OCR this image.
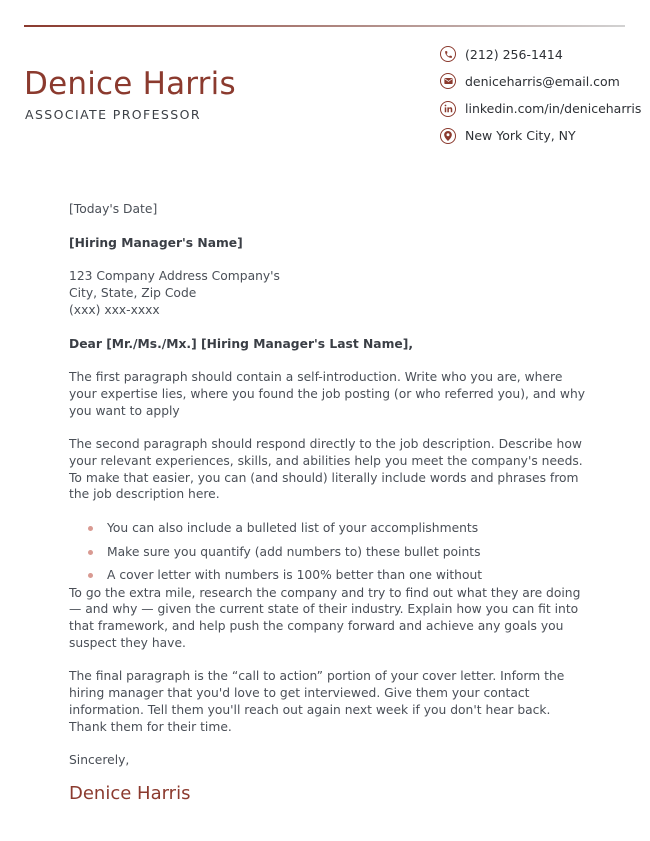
Denice Harris
ASSOCIATE PROFESSOR
(212) 256-1414
deniceharris@email.com
linkedin.com/in/deniceharris
New York City, NY

[Today's Date]

[Hiring Manager's Name]

123 Company Address Company's

City, State, Zip Code

(xxx) xxx-xxxx

Dear [Mr./Ms./Mx.] [Hiring Manager's Last Name],

The first paragraph should contain a self-introduction. Write who you are, where your expertise lies, where you found the job posting (or who referred you), and why you want to apply

The second paragraph should respond directly to the job description. Describe how your relevant experiences, skills, and abilities help you meet the company's needs. To make that easier, you can (and should) literally include words and phrases from the job description here.

You can also include a bulleted list of your accomplishments
Make sure you quantify (add numbers to) these bullet points
A cover letter with numbers is 100% better than one without

To go the extra mile, research the company and try to find out what they are doing — and why — given the current state of their industry. Explain how you can fit into that framework, and help push the company forward and achieve any goals you suspect they have.

The final paragraph is the “call to action” portion of your cover letter. Inform the hiring manager that you'd love to get interviewed. Give them your contact information. Tell them you'll reach out again next week if you don't hear back. Thank them for their time.

Sincerely,

Denice Harris
